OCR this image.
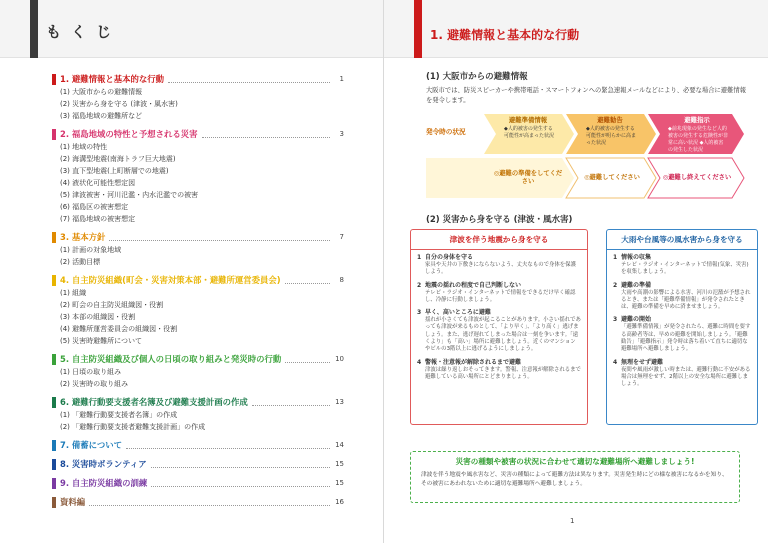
もくじ
1. 避難情報と基本的な行動	1
(1) 大阪市からの避難情報
(2) 災害から身を守る (津波・風水害)
(3) 福島地域の避難所など
2. 福島地域の特性と予想される災害	3
(1) 地域の特性
(2) 海溝型地震(南海トラフ巨大地震)
(3) 直下型地震(上町断層での地震)
(4) 液状化可能性想定図
(5) 津波被害・河川氾濫・内水氾濫での被害
(6) 福島区の被害想定
(7) 福島地域の被害想定
3. 基本方針	7
(1) 計画の対象地域
(2) 活動目標
4. 自主防災組織(町会・災害対策本部・避難所運営委員会)	8
(1) 組織
(2) 町会の自主防災組織図・役割
(3) 本部の組織図・役割
(4) 避難所運営委員会の組織図・役割
(5) 災害時避難所について
5. 自主防災組織及び個人の日頃の取り組みと発災時の行動	10
(1) 日頃の取り組み
(2) 災害時の取り組み
6. 避難行動要支援者名簿及び避難支援計画の作成	13
(1) 「避難行動要支援者名簿」の作成
(2) 「避難行動要支援者避難支援計画」の作成
7. 備蓄について	14
8. 災害時ボランティア	15
9. 自主防災組織の訓練	15
資料編	16
1. 避難情報と基本的な行動
(1) 大阪市からの避難情報
大阪市では、防災スピーカーや携帯電話・スマートフォンへの緊急速報メールなどにより、必要な場合に避難情報を発令します。
発令時の状況
避難準備情報
◆人的被害の発生する可能性が高まった状況
避難勧告
◆人的被害の発生する可能性が明らかに高まった状況
避難指示
◆前兆現象の発生など人的被害の発生する危険性が非常に高い状況 ◆人的被害の発生した状況
◎避難の準備をしてください
◎避難してください	◎避難し終えてください
(2) 災害から身を守る (津波・風水害)
津波を伴う地震から身を守る
1 自分の身体を守る
家具や天井の下敷きにならないよう、丈夫なもので身体を保護しよう。
2 地震の揺れの程度で自己判断しない
テレビ・ラジオ・インターネットで情報をできるだけ早く確認し、冷静に行動しましょう。
3 早く、高いところに避難
揺れが小さくても津波が起こることがあります。小さい揺れであっても津波が来るものとして、「より早く」、「より高く」逃げましょう。また、逃げ遅れてしまった場合は一刻を争います。「遠くより」も「高い」場所に避難しましょう。近くのマンションやビルの3階以上に逃げるようにしましょう。
4 警報・注意報が解除されるまで避難
津波は繰り返しおそってきます。警報、注意報が解除されるまで避難している高い場所にとどまりましょう。
大雨や台風等の風水害から身を守る
1 情報の収集
テレビ・ラジオ・インターネットで情報(気象、災害)を収集しましょう。
2 避難の準備
大雨や高潮の影響による水害、河川の氾濫が予想されるとき、または「避難準備情報」が発令されたときは、避難の準備を早めに済ませましょう。
3 避難の開始
「避難準備情報」が発令されたら、避難に時間を要する高齢者等は、早めの避難を開始しましょう。「避難勧告」「避難指示」発令時は落ち着いて直ちに適切な避難場所へ避難しましょう。
4 無理をせず避難
夜間や風雨が激しい時または、避難行動に不安がある場合は無理をせず、2階以上の安全な場所に避難しましょう。
災害の種類や被害の状況に合わせて適切な避難場所へ避難しましょう!
津波を伴う地震や風水害など、災害の種類によって避難方法は異なります。災害発生時にどの様な被害になるかを知り、その被害にあわれないために適切な避難場所へ避難しましょう。
1
